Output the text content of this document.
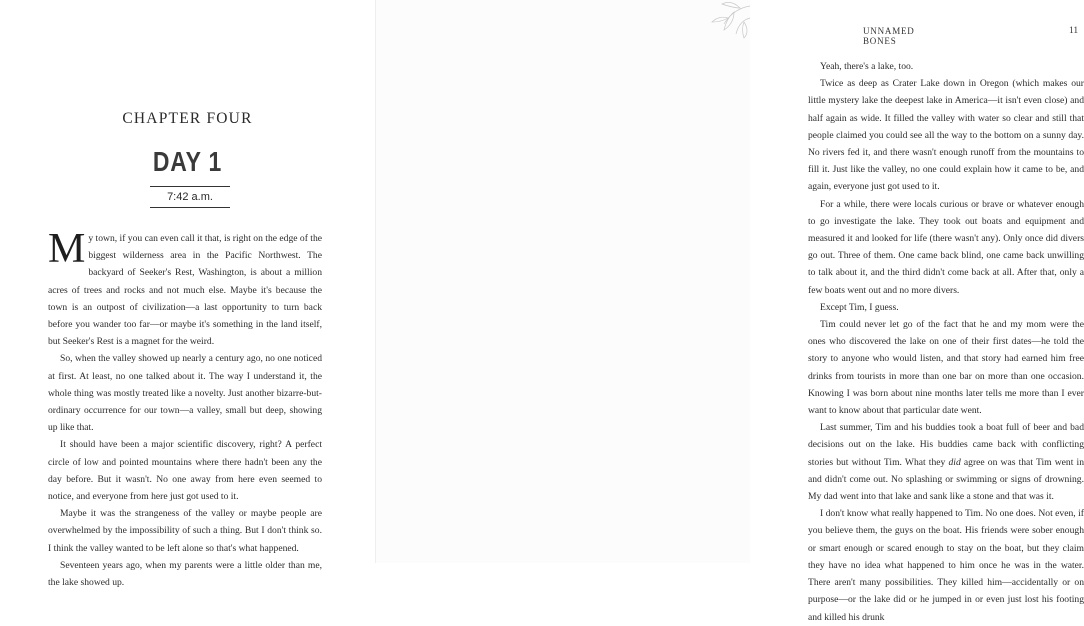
CHAPTER FOUR
DAY 1
7:42 a.m.

My town, if you can even call it that, is right on the edge of the biggest wilderness area in the Pacific Northwest. The backyard of Seeker's Rest, Washington, is about a million acres of trees and rocks and not much else. Maybe it's because the town is an outpost of civilization—a last opportunity to turn back before you wander too far—or maybe it's something in the land itself, but Seeker's Rest is a magnet for the weird.

So, when the valley showed up nearly a century ago, no one noticed at first. At least, no one talked about it. The way I understand it, the whole thing was mostly treated like a novelty. Just another bizarre-but-ordinary occurrence for our town—a valley, small but deep, showing up like that.

It should have been a major scientific discovery, right? A perfect circle of low and pointed mountains where there hadn't been any the day before. But it wasn't. No one away from here even seemed to notice, and everyone from here just got used to it.

Maybe it was the strangeness of the valley or maybe people are overwhelmed by the impossibility of such a thing. But I don't think so. I think the valley wanted to be left alone so that's what happened.

Seventeen years ago, when my parents were a little older than me, the lake showed up.

UNNAMED BONES
11

Yeah, there's a lake, too.

Twice as deep as Crater Lake down in Oregon (which makes our little mystery lake the deepest lake in America—it isn't even close) and half again as wide. It filled the valley with water so clear and still that people claimed you could see all the way to the bottom on a sunny day. No rivers fed it, and there wasn't enough runoff from the mountains to fill it. Just like the valley, no one could explain how it came to be, and again, everyone just got used to it.

For a while, there were locals curious or brave or whatever enough to go investigate the lake. They took out boats and equipment and measured it and looked for life (there wasn't any). Only once did divers go out. Three of them. One came back blind, one came back unwilling to talk about it, and the third didn't come back at all. After that, only a few boats went out and no more divers.

Except Tim, I guess.

Tim could never let go of the fact that he and my mom were the ones who discovered the lake on one of their first dates—he told the story to anyone who would listen, and that story had earned him free drinks from tourists in more than one bar on more than one occasion. Knowing I was born about nine months later tells me more than I ever want to know about that particular date went.

Last summer, Tim and his buddies took a boat full of beer and bad decisions out on the lake. His buddies came back with conflicting stories but without Tim. What they did agree on was that Tim went in and didn't come out. No splashing or swimming or signs of drowning. My dad went into that lake and sank like a stone and that was it.

I don't know what really happened to Tim. No one does. Not even, if you believe them, the guys on the boat. His friends were sober enough or smart enough or scared enough to stay on the boat, but they claim they have no idea what happened to him once he was in the water. There aren't many possibilities. They killed him—accidentally or on purpose—or the lake did or he jumped in or even just lost his footing and killed his drunk
